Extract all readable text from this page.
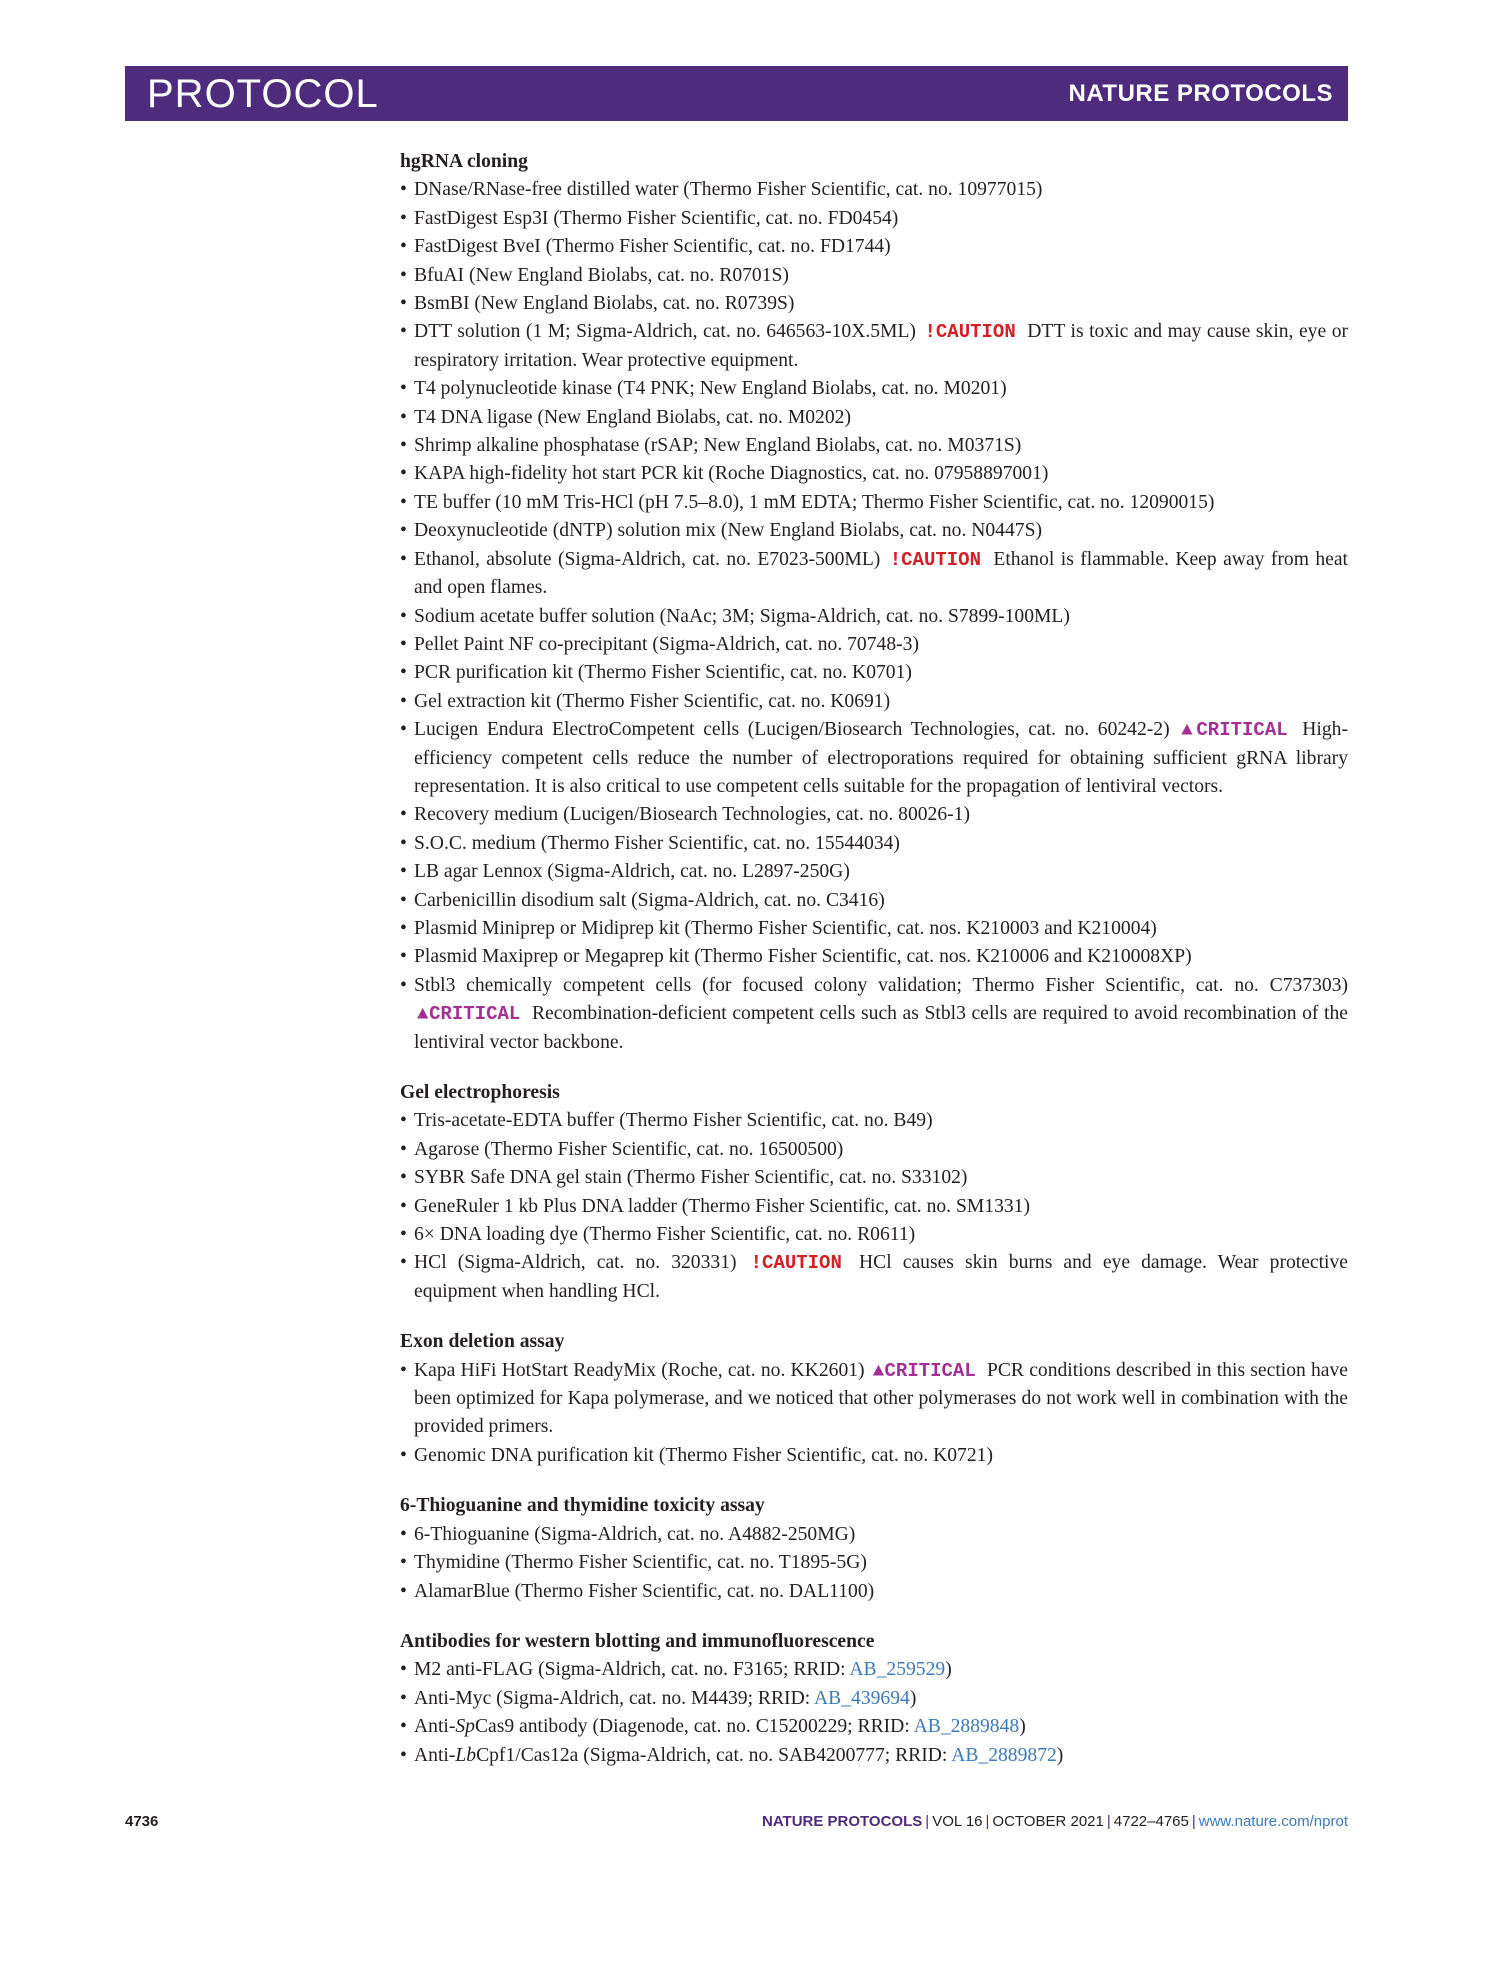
PROTOCOL	NATURE PROTOCOLS
hgRNA cloning
• DNase/RNase-free distilled water (Thermo Fisher Scientific, cat. no. 10977015)
• FastDigest Esp3I (Thermo Fisher Scientific, cat. no. FD0454)
• FastDigest BveI (Thermo Fisher Scientific, cat. no. FD1744)
• BfuAI (New England Biolabs, cat. no. R0701S)
• BsmBI (New England Biolabs, cat. no. R0739S)
• DTT solution (1 M; Sigma-Aldrich, cat. no. 646563-10X.5ML) !CAUTION DTT is toxic and may cause skin, eye or respiratory irritation. Wear protective equipment.
• T4 polynucleotide kinase (T4 PNK; New England Biolabs, cat. no. M0201)
• T4 DNA ligase (New England Biolabs, cat. no. M0202)
• Shrimp alkaline phosphatase (rSAP; New England Biolabs, cat. no. M0371S)
• KAPA high-fidelity hot start PCR kit (Roche Diagnostics, cat. no. 07958897001)
• TE buffer (10 mM Tris-HCl (pH 7.5–8.0), 1 mM EDTA; Thermo Fisher Scientific, cat. no. 12090015)
• Deoxynucleotide (dNTP) solution mix (New England Biolabs, cat. no. N0447S)
• Ethanol, absolute (Sigma-Aldrich, cat. no. E7023-500ML) !CAUTION Ethanol is flammable. Keep away from heat and open flames.
• Sodium acetate buffer solution (NaAc; 3M; Sigma-Aldrich, cat. no. S7899-100ML)
• Pellet Paint NF co-precipitant (Sigma-Aldrich, cat. no. 70748-3)
• PCR purification kit (Thermo Fisher Scientific, cat. no. K0701)
• Gel extraction kit (Thermo Fisher Scientific, cat. no. K0691)
• Lucigen Endura ElectroCompetent cells (Lucigen/Biosearch Technologies, cat. no. 60242-2) ▲CRITICAL High-efficiency competent cells reduce the number of electroporations required for obtaining sufficient gRNA library representation. It is also critical to use competent cells suitable for the propagation of lentiviral vectors.
• Recovery medium (Lucigen/Biosearch Technologies, cat. no. 80026-1)
• S.O.C. medium (Thermo Fisher Scientific, cat. no. 15544034)
• LB agar Lennox (Sigma-Aldrich, cat. no. L2897-250G)
• Carbenicillin disodium salt (Sigma-Aldrich, cat. no. C3416)
• Plasmid Miniprep or Midiprep kit (Thermo Fisher Scientific, cat. nos. K210003 and K210004)
• Plasmid Maxiprep or Megaprep kit (Thermo Fisher Scientific, cat. nos. K210006 and K210008XP)
• Stbl3 chemically competent cells (for focused colony validation; Thermo Fisher Scientific, cat. no. C737303) ▲CRITICAL Recombination-deficient competent cells such as Stbl3 cells are required to avoid recombination of the lentiviral vector backbone.
Gel electrophoresis
• Tris-acetate-EDTA buffer (Thermo Fisher Scientific, cat. no. B49)
• Agarose (Thermo Fisher Scientific, cat. no. 16500500)
• SYBR Safe DNA gel stain (Thermo Fisher Scientific, cat. no. S33102)
• GeneRuler 1 kb Plus DNA ladder (Thermo Fisher Scientific, cat. no. SM1331)
• 6× DNA loading dye (Thermo Fisher Scientific, cat. no. R0611)
• HCl (Sigma-Aldrich, cat. no. 320331) !CAUTION HCl causes skin burns and eye damage. Wear protective equipment when handling HCl.
Exon deletion assay
• Kapa HiFi HotStart ReadyMix (Roche, cat. no. KK2601) ▲CRITICAL PCR conditions described in this section have been optimized for Kapa polymerase, and we noticed that other polymerases do not work well in combination with the provided primers.
• Genomic DNA purification kit (Thermo Fisher Scientific, cat. no. K0721)
6-Thioguanine and thymidine toxicity assay
• 6-Thioguanine (Sigma-Aldrich, cat. no. A4882-250MG)
• Thymidine (Thermo Fisher Scientific, cat. no. T1895-5G)
• AlamarBlue (Thermo Fisher Scientific, cat. no. DAL1100)
Antibodies for western blotting and immunofluorescence
• M2 anti-FLAG (Sigma-Aldrich, cat. no. F3165; RRID: AB_259529)
• Anti-Myc (Sigma-Aldrich, cat. no. M4439; RRID: AB_439694)
• Anti-SpCas9 antibody (Diagenode, cat. no. C15200229; RRID: AB_2889848)
• Anti-LbCpf1/Cas12a (Sigma-Aldrich, cat. no. SAB4200777; RRID: AB_2889872)
4736	NATURE PROTOCOLS | VOL 16 | OCTOBER 2021 | 4722–4765 | www.nature.com/nprot
